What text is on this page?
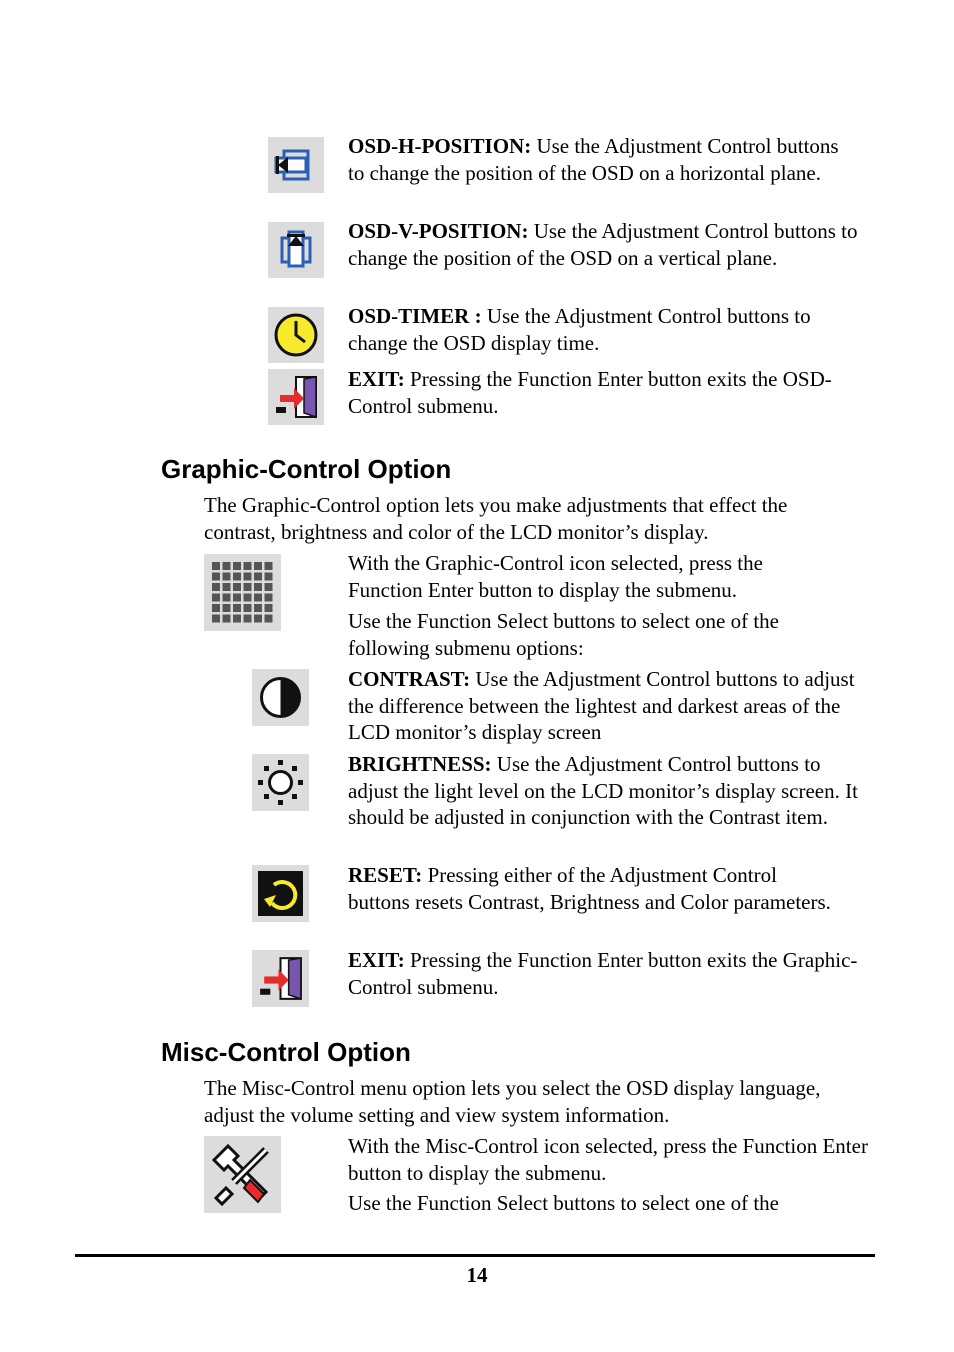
OSD-H-POSITION: Use the Adjustment Control buttons to change the position of the OSD on a horizontal plane.
OSD-V-POSITION: Use the Adjustment Control buttons to change the position of the OSD on a vertical plane.
OSD-TIMER : Use the Adjustment Control buttons to change the OSD display time.
EXIT: Pressing the Function Enter button exits the OSD-Control submenu.
Graphic-Control Option
The Graphic-Control option lets you make adjustments that effect the contrast, brightness and color of the LCD monitor’s display.
With the Graphic-Control icon selected, press the Function Enter button to display the submenu.
Use the Function Select buttons to select one of the following submenu options:
CONTRAST: Use the Adjustment Control buttons to adjust the difference between the lightest and darkest areas of the LCD monitor’s display screen
BRIGHTNESS: Use the Adjustment Control buttons to adjust the light level on the LCD monitor’s display screen. It should be adjusted in conjunction with the Contrast item.
RESET: Pressing either of the Adjustment Control buttons resets Contrast, Brightness and Color parameters.
EXIT: Pressing the Function Enter button exits the Graphic-Control submenu.
Misc-Control Option
The Misc-Control menu option lets you select the OSD display language, adjust the volume setting and view system information.
With the Misc-Control icon selected, press the Function Enter button to display the submenu.
Use the Function Select buttons to select one of the
14
